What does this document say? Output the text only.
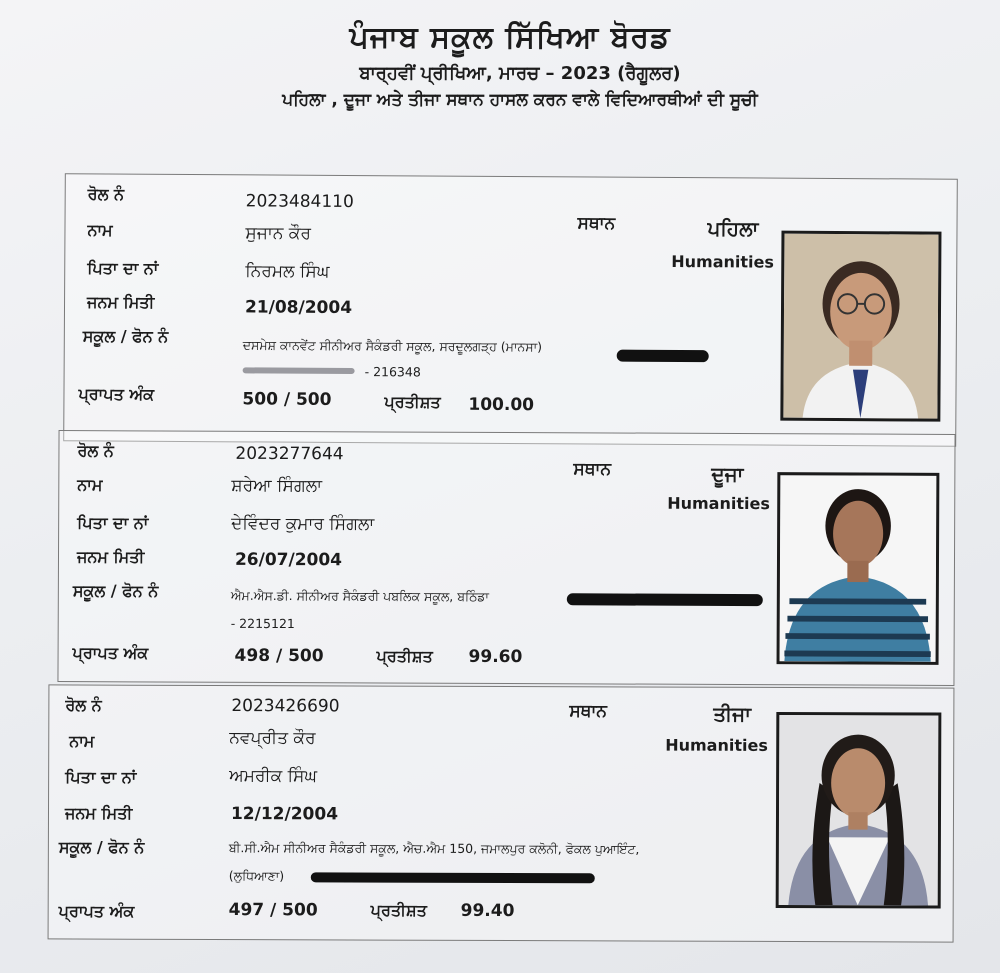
ਪੰਜਾਬ ਸਕੂਲ ਸਿੱਖਿਆ ਬੋਰਡ
ਬਾਰ੍ਹਵੀਂ ਪ੍ਰੀਖਿਆ, ਮਾਰਚ – 2023 (ਰੈਗੂਲਰ)
ਪਹਿਲਾ , ਦੂਜਾ ਅਤੇ ਤੀਜਾ ਸਥਾਨ ਹਾਸਲ ਕਰਨ ਵਾਲੇ ਵਿਦਿਆਰਥੀਆਂ ਦੀ ਸੂਚੀ
ਰੋਲ ਨੰ	2023484110
ਨਾਮ	ਸੁਜਾਨ ਕੌਰ
ਪਿਤਾ ਦਾ ਨਾਂ	ਨਿਰਮਲ ਸਿੰਘ
ਜਨਮ ਮਿਤੀ	21/08/2004
ਸਕੂਲ / ਫੋਨ ਨੰ	ਦਸਮੇਸ਼ ਕਾਨਵੇਂਟ ਸੀਨੀਅਰ ਸੈਕੰਡਰੀ ਸਕੂਲ, ਸਰਦੂਲਗੜ੍ਹ (ਮਾਨਸਾ)
- 216348
ਪ੍ਰਾਪਤ ਅੰਕ	500 / 500	ਪ੍ਰਤੀਸ਼ਤ 100.00
ਸਥਾਨ	ਪਹਿਲਾ
Humanities
ਰੋਲ ਨੰ	2023277644
ਨਾਮ	ਸ਼ਰੇਆ ਸਿੰਗਲਾ
ਪਿਤਾ ਦਾ ਨਾਂ	ਦੇਵਿੰਦਰ ਕੁਮਾਰ ਸਿੰਗਲਾ
ਜਨਮ ਮਿਤੀ	26/07/2004
ਸਕੂਲ / ਫੋਨ ਨੰ	ਐਮ.ਐਸ.ਡੀ. ਸੀਨੀਅਰ ਸੈਕੰਡਰੀ ਪਬਲਿਕ ਸਕੂਲ, ਬਠਿੰਡਾ
- 2215121
ਪ੍ਰਾਪਤ ਅੰਕ	498 / 500	ਪ੍ਰਤੀਸ਼ਤ 99.60
ਸਥਾਨ	ਦੂਜਾ
Humanities
ਰੋਲ ਨੰ	2023426690
ਨਾਮ	ਨਵਪ੍ਰੀਤ ਕੌਰ
ਪਿਤਾ ਦਾ ਨਾਂ	ਅਮਰੀਕ ਸਿੰਘ
ਜਨਮ ਮਿਤੀ	12/12/2004
ਸਕੂਲ / ਫੋਨ ਨੰ	ਬੀ.ਸੀ.ਐਮ ਸੀਨੀਅਰ ਸੈਕੰਡਰੀ ਸਕੂਲ, ਐਚ.ਐਮ 150, ਜਮਾਲਪੁਰ ਕਲੋਨੀ, ਫੋਕਲ ਪੁਆਇੰਟ,
(ਲੁਧਿਆਣਾ)
ਪ੍ਰਾਪਤ ਅੰਕ	497 / 500	ਪ੍ਰਤੀਸ਼ਤ 99.40
ਸਥਾਨ	ਤੀਜਾ
Humanities
